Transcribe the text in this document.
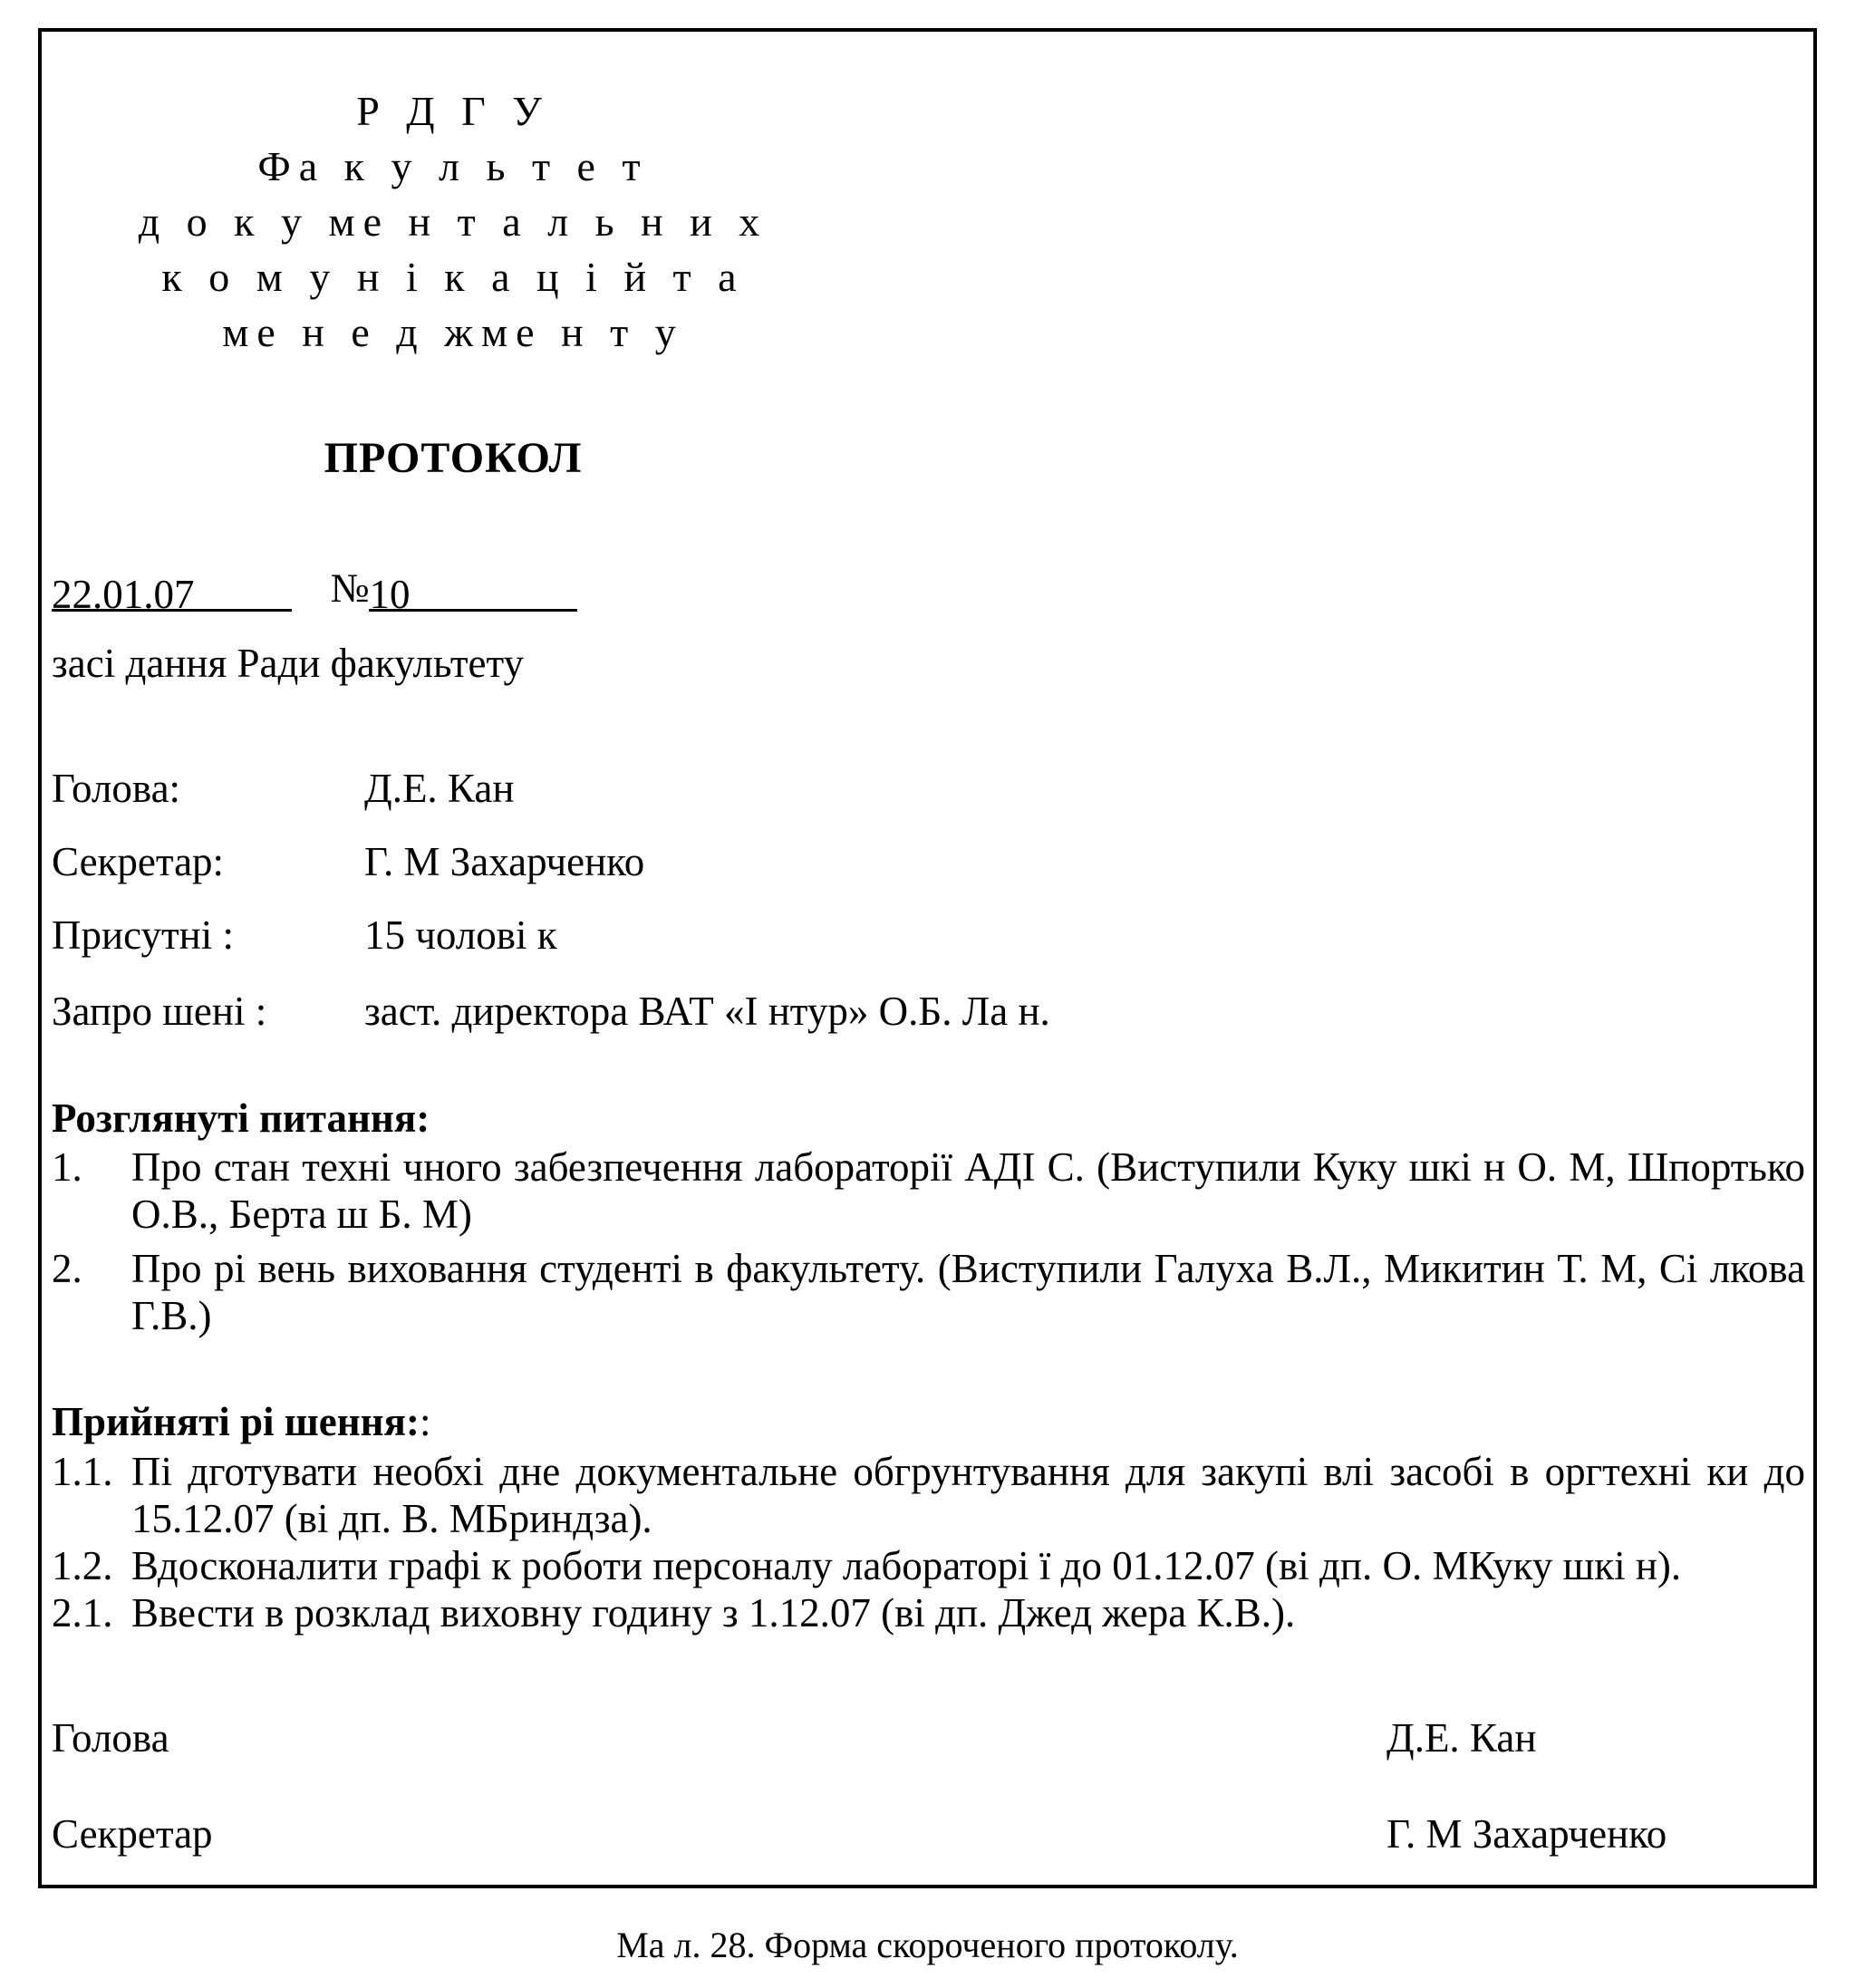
Р Д Г У
Фа к у л ь т е т
д о к у ме н т а л ь н и х
к о м у н і к а ц і й т а
ме н е д жме н т у
ПРОТОКОЛ
22.01.07	№10
засі дання Ради факультету
Голова:	Д.Е. Кан
Секретар:	Г. М Захарченко
Присутні :	15 чолові к
Запро шені : заст. директора ВАТ «І нтур» О.Б. Ла н.
Розглянуті питання:
1.	Про стан техні чного забезпечення лабораторії АДІ С. (Виступили Куку шкі н О. М, Шпортько О.В., Берта ш Б. М)
2.	Про рі вень виховання студенті в факультету. (Виступили Галуха В.Л., Микитин Т. М, Сі лкова Г.В.)
Прийняті рі шення::
1.1. Пі дготувати необхі дне документальне обгрунтування для закупі влі засобі в оргтехні ки до 15.12.07 (ві дп. В. МБриндза).
1.2. Вдосконалити графі к роботи персоналу лабораторі ї до 01.12.07 (ві дп. О. МКуку шкі н).
2.1. Ввести в розклад виховну годину з 1.12.07 (ві дп. Джед жера К.В.).
Голова	Д.Е. Кан
Секретар	Г. М Захарченко
Ма л. 28. Форма скороченого протоколу.
